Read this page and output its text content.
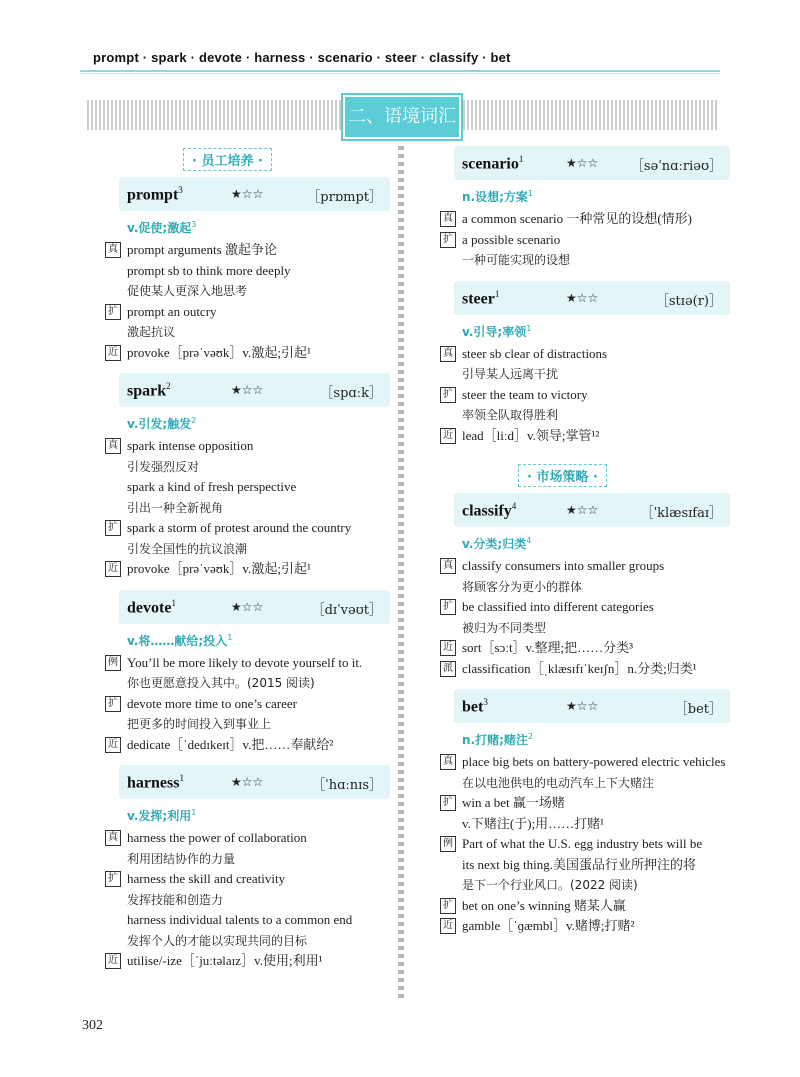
prompt · spark · devote · harness · scenario · steer · classify · bet
二、语境词汇
· 员工培养 ·
prompt$^3$	★☆☆	［prɒmpt］
v.促使;激起$^3$
真 prompt arguments 激起争论
prompt sb to think more deeply
促使某人更深入地思考
扩 prompt an outcry
激起抗议
近 provoke［prəˈvəʊk］v.激起;引起¹
spark$^2$	★☆☆	［spɑːk］
v.引发;触发$^2$
真 spark intense opposition
引发强烈反对
spark a kind of fresh perspective
引出一种全新视角
扩 spark a storm of protest around the country
引发全国性的抗议浪潮
近 provoke［prəˈvəʊk］v.激起;引起¹
devote$^1$	★☆☆	［dɪˈvəʊt］
v.将……献给;投入$^1$
例 You’ll be more likely to devote yourself to it.
你也更愿意投入其中。(2015 阅读)
扩 devote more time to one’s career
把更多的时间投入到事业上
近 dedicate［ˈdedɪkeɪt］v.把……奉献给²
harness$^1$	★☆☆	［ˈhɑːnɪs］
v.发挥;利用$^1$
真 harness the power of collaboration
利用团结协作的力量
扩 harness the skill and creativity
发挥技能和创造力
harness individual talents to a common end
发挥个人的才能以实现共同的目标
近 utilise/-ize［ˈjuːtəlaɪz］v.使用;利用¹
scenario$^1$	★☆☆	［səˈnɑːriəʊ］
n.设想;方案$^1$
真 a common scenario 一种常见的设想(情形)
扩 a possible scenario
一种可能实现的设想
steer$^1$	★☆☆	［stɪə(r)］
v.引导;率领$^1$
真 steer sb clear of distractions
引导某人远离干扰
扩 steer the team to victory
率领全队取得胜利
近 lead［liːd］v.领导;掌管¹²
· 市场策略 ·
classify$^4$	★☆☆	［ˈklæsɪfaɪ］
v.分类;归类$^4$
真 classify consumers into smaller groups
将顾客分为更小的群体
扩 be classified into different categories
被归为不同类型
近 sort［sɔːt］v.整理;把……分类³
派 classification［ˌklæsɪfɪˈkeɪʃn］n.分类;归类¹
bet$^3$	★☆☆	［bet］
n.打赌;赌注$^2$
真 place big bets on battery-powered electric vehicles
在以电池供电的电动汽车上下大赌注
扩 win a bet 赢一场赌
v.下赌注(于);用……打赌¹
例 Part of what the U.S. egg industry bets will be
its next big thing.美国蛋品行业所押注的将
是下一个行业风口。(2022 阅读)
扩 bet on one’s winning 赌某人赢
近 gamble［ˈɡæmbl］v.赌博;打赌²
302
